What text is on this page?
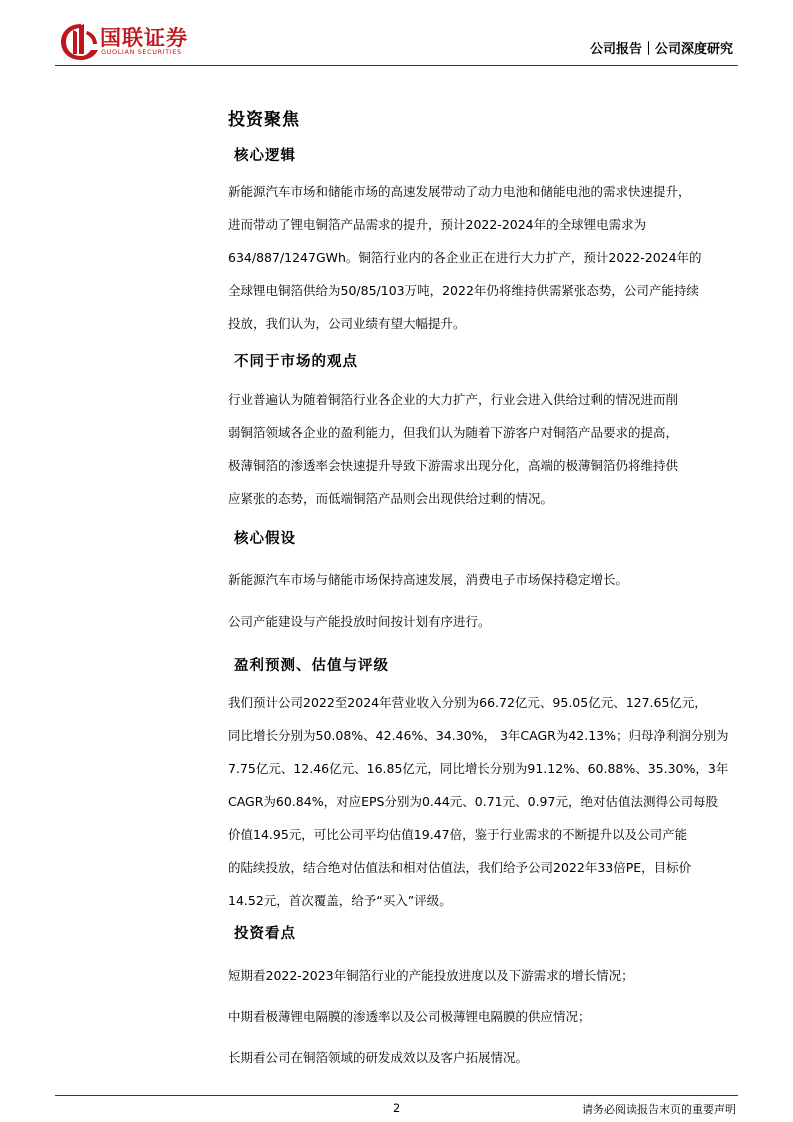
国联证券
GUOLIAN SECURITIES	公司报告｜公司深度研究
投资聚焦
核心逻辑

新能源汽车市场和储能市场的高速发展带动了动力电池和储能电池的需求快速提升，

进而带动了锂电铜箔产品需求的提升，预计2022-2024年的全球锂电需求为

634/887/1247GWh。铜箔行业内的各企业正在进行大力扩产，预计2022-2024年的

全球锂电铜箔供给为50/85/103万吨，2022年仍将维持供需紧张态势，公司产能持续

投放，我们认为，公司业绩有望大幅提升。

不同于市场的观点

行业普遍认为随着铜箔行业各企业的大力扩产，行业会进入供给过剩的情况进而削

弱铜箔领域各企业的盈利能力，但我们认为随着下游客户对铜箔产品要求的提高，

极薄铜箔的渗透率会快速提升导致下游需求出现分化，高端的极薄铜箔仍将维持供

应紧张的态势，而低端铜箔产品则会出现供给过剩的情况。

核心假设
新能源汽车市场与储能市场保持高速发展，消费电子市场保持稳定增长。
公司产能建设与产能投放时间按计划有序进行。
盈利预测、估值与评级

我们预计公司2022至2024年营业收入分别为66.72亿元、95.05亿元、127.65亿元，

同比增长分别为50.08%、42.46%、34.30%， 3年CAGR为42.13%；归母净利润分别为

7.75亿元、12.46亿元、16.85亿元，同比增长分别为91.12%、60.88%、35.30%，3年

CAGR为60.84%，对应EPS分别为0.44元、0.71元、0.97元，绝对估值法测得公司每股

价值14.95元，可比公司平均估值19.47倍，鉴于行业需求的不断提升以及公司产能

的陆续投放，结合绝对估值法和相对估值法，我们给予公司2022年33倍PE，目标价

14.52元，首次覆盖，给予“买入”评级。

投资看点
短期看2022-2023年铜箔行业的产能投放进度以及下游需求的增长情况；
中期看极薄锂电隔膜的渗透率以及公司极薄锂电隔膜的供应情况；
长期看公司在铜箔领域的研发成效以及客户拓展情况。
2	请务必阅读报告末页的重要声明
